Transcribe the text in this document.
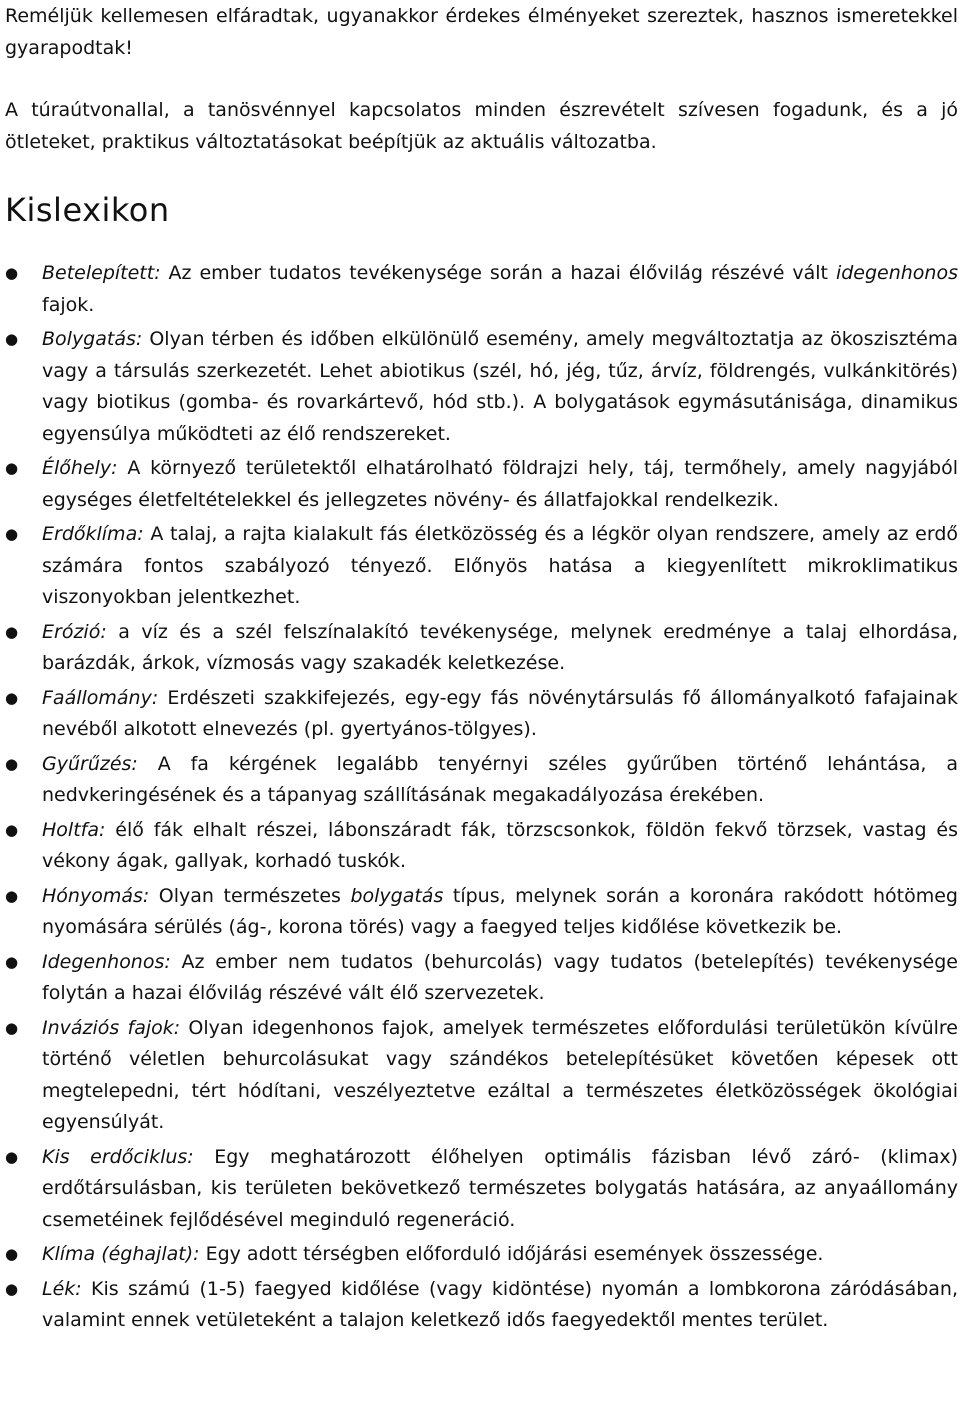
Reméljük kellemesen elfáradtak, ugyanakkor érdekes élményeket szereztek, hasznos ismeretekkel gyarapodtak!

A túraútvonallal, a tanösvénnyel kapcsolatos minden észrevételt szívesen fogadunk, és a jó ötleteket, praktikus változtatásokat beépítjük az aktuális változatba.

Kislexikon
●	Betelepített: Az ember tudatos tevékenysége során a hazai élővilág részévé vált idegenhonos fajok.
●	Bolygatás: Olyan térben és időben elkülönülő esemény, amely megváltoztatja az ökoszisztéma vagy a társulás szerkezetét. Lehet abiotikus (szél, hó, jég, tűz, árvíz, földrengés, vulkánkitörés) vagy biotikus (gomba- és rovarkártevő, hód stb.). A bolygatások egymásutánisága, dinamikus egyensúlya működteti az élő rendszereket.
●	Élőhely: A környező területektől elhatárolható földrajzi hely, táj, termőhely, amely nagyjából egységes életfeltételekkel és jellegzetes növény- és állatfajokkal rendelkezik.
●	Erdőklíma: A talaj, a rajta kialakult fás életközösség és a légkör olyan rendszere, amely az erdő számára fontos szabályozó tényező. Előnyös hatása a kiegyenlített mikroklimatikus viszonyokban jelentkezhet.
●	Erózió: a víz és a szél felszínalakító tevékenysége, melynek eredménye a talaj elhordása, barázdák, árkok, vízmosás vagy szakadék keletkezése.
●	Faállomány: Erdészeti szakkifejezés, egy-egy fás növénytársulás fő állományalkotó fafajainak nevéből alkotott elnevezés (pl. gyertyános-tölgyes).
●	Gyűrűzés: A fa kérgének legalább tenyérnyi széles gyűrűben történő lehántása, a nedvkeringésének és a tápanyag szállításának megakadályozása érekében.
●	Holtfa: élő fák elhalt részei, lábonszáradt fák, törzscsonkok, földön fekvő törzsek, vastag és vékony ágak, gallyak, korhadó tuskók.
●	Hónyomás: Olyan természetes bolygatás típus, melynek során a koronára rakódott hótömeg nyomására sérülés (ág-, korona törés) vagy a faegyed teljes kidőlése következik be.
●	Idegenhonos: Az ember nem tudatos (behurcolás) vagy tudatos (betelepítés) tevékenysége folytán a hazai élővilág részévé vált élő szervezetek.
●	Inváziós fajok: Olyan idegenhonos fajok, amelyek természetes előfordulási területükön kívülre történő véletlen behurcolásukat vagy szándékos betelepítésüket követően képesek ott megtelepedni, tért hódítani, veszélyeztetve ezáltal a természetes életközösségek ökológiai egyensúlyát.
●	Kis erdőciklus: Egy meghatározott élőhelyen optimális fázisban lévő záró- (klimax) erdőtársulásban, kis területen bekövetkező természetes bolygatás hatására, az anyaállomány csemetéinek fejlődésével meginduló regeneráció.
●	Klíma (éghajlat): Egy adott térségben előforduló időjárási események összessége.
●	Lék: Kis számú (1-5) faegyed kidőlése (vagy kidöntése) nyomán a lombkorona záródásában, valamint ennek vetületeként a talajon keletkező idős faegyedektől mentes terület.
